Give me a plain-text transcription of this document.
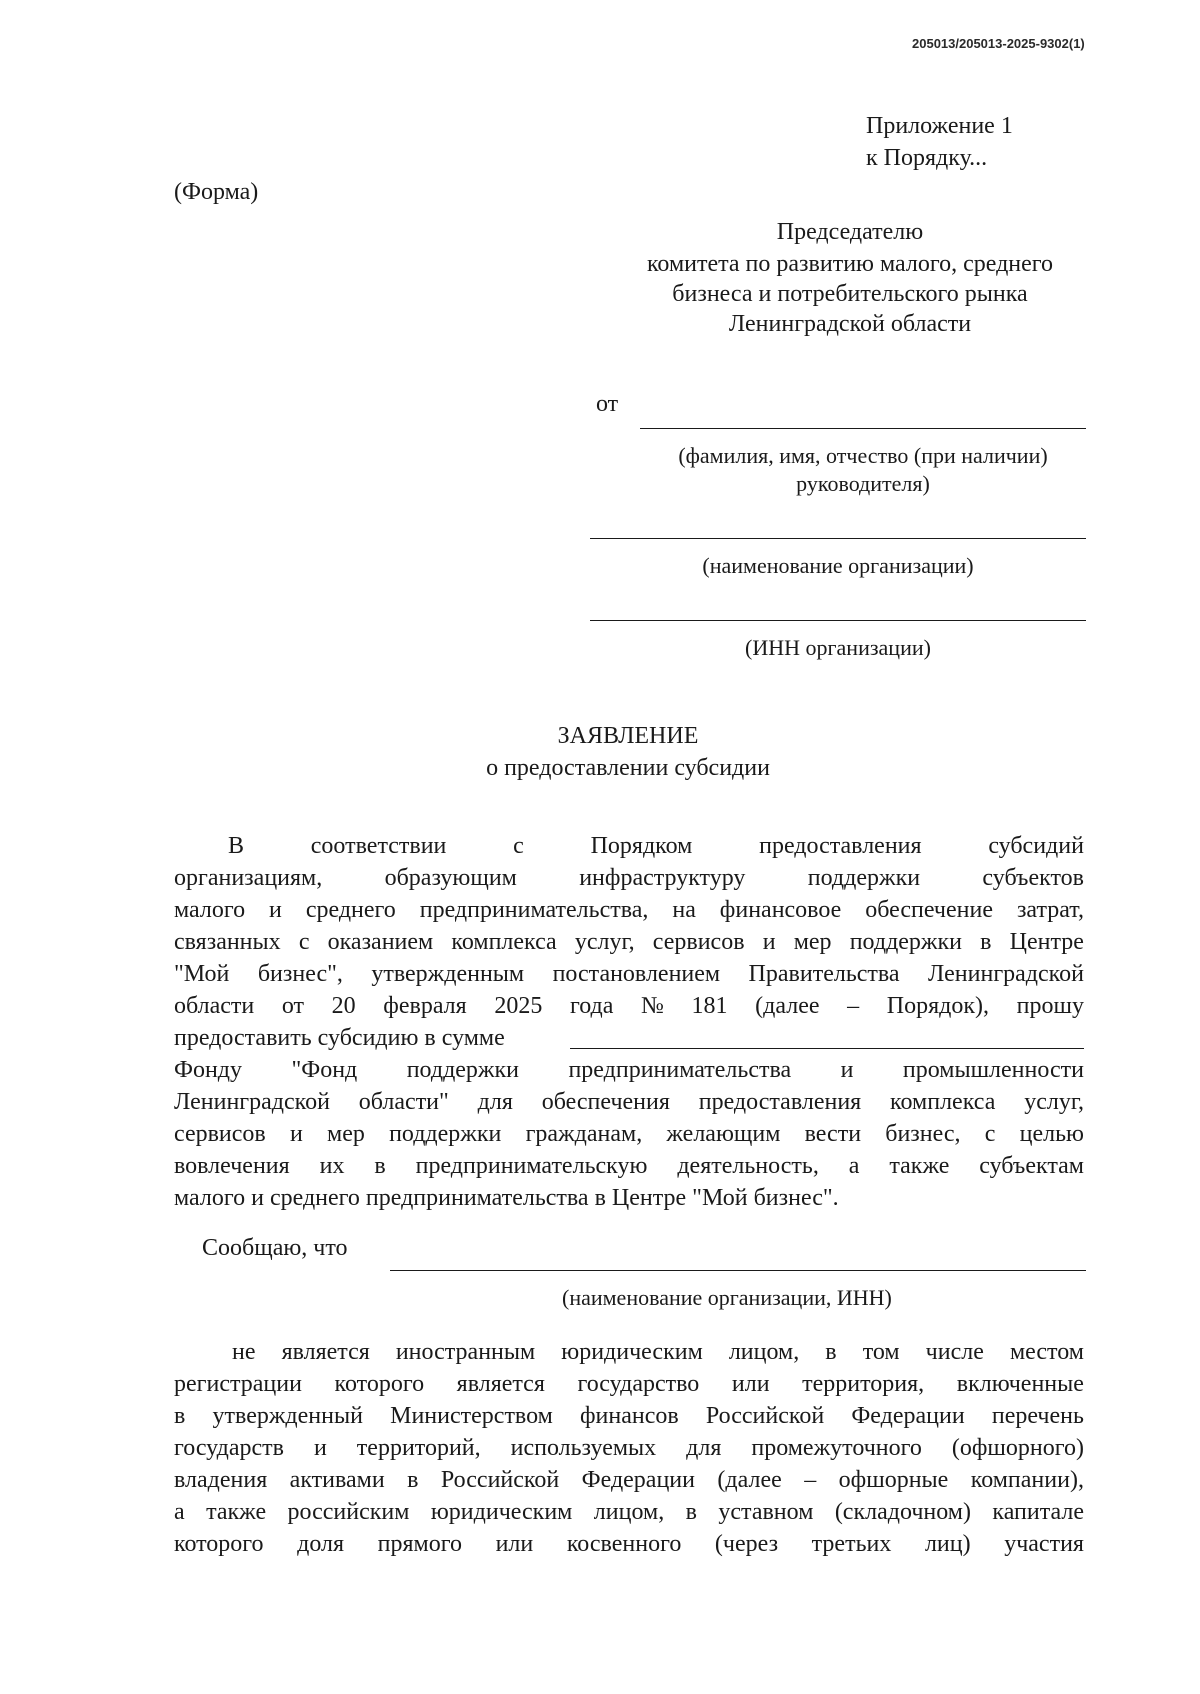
205013/205013-2025-9302(1)
Приложение 1
к Порядку...
(Форма)
Председателю
комитета по развитию малого, среднего
бизнеса и потребительского рынка
Ленинградской области
от
(фамилия, имя, отчество (при наличии)
руководителя)
(наименование организации)
(ИНН организации)
ЗАЯВЛЕНИЕ
о предоставлении субсидии
В	соответствии	с	Порядком	предоставления	субсидий
организациям,	образующим	инфраструктуру	поддержки	субъектов
малого и среднего предпринимательства, на финансовое обеспечение затрат,
связанных с оказанием комплекса услуг, сервисов и мер поддержки в Центре
"Мой бизнес", утвержденным постановлением Правительства Ленинградской
области от 20 февраля 2025 года № 181 (далее – Порядок), прошу
предоставить субсидию в сумме
Фонду "Фонд поддержки предпринимательства и промышленности
Ленинградской области" для обеспечения предоставления комплекса услуг,
сервисов и мер поддержки гражданам, желающим вести бизнес, с целью
вовлечения их в предпринимательскую деятельность, а также субъектам
малого и среднего предпринимательства в Центре "Мой бизнес".
Сообщаю, что
(наименование организации, ИНН)
не является иностранным юридическим лицом, в том числе местом
регистрации которого является государство или территория, включенные
в утвержденный Министерством финансов Российской Федерации перечень
государств и территорий, используемых для промежуточного (офшорного)
владения активами в Российской Федерации (далее – офшорные компании),
а также российским юридическим лицом, в уставном (складочном) капитале
которого доля прямого или косвенного (через третьих лиц) участия
